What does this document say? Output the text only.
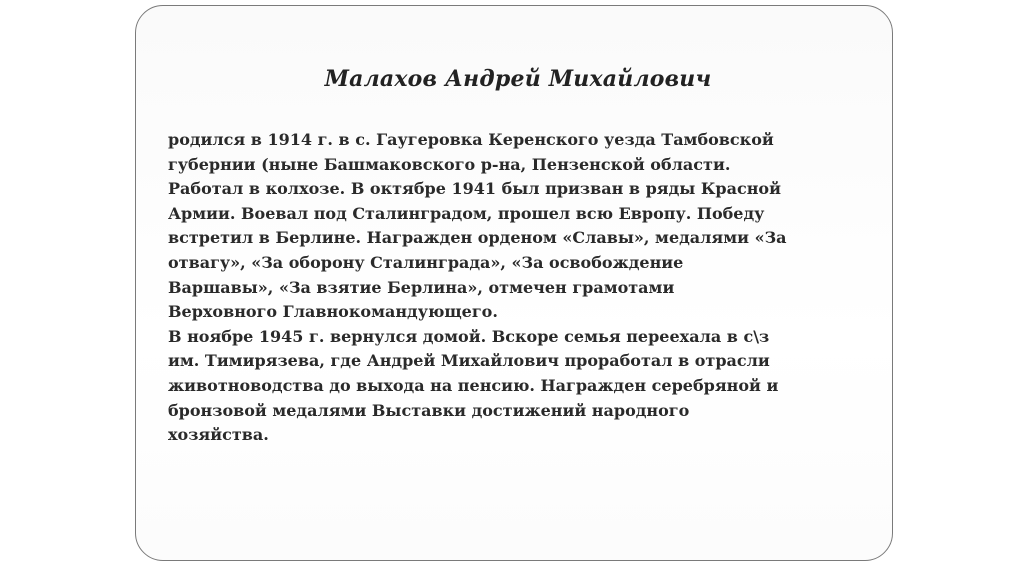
Малахов Андрей Михайлович
родился в 1914 г. в с. Гаугеровка Керенского уезда Тамбовской
губернии (ныне Башмаковского р-на, Пензенской области.
Работал в колхозе. В октябре 1941 был призван в ряды Красной
Армии. Воевал под Сталинградом, прошел всю Европу. Победу
встретил в Берлине. Награжден орденом «Славы», медалями «За
отвагу», «За оборону Сталинграда», «За освобождение
Варшавы», «За взятие Берлина», отмечен грамотами
Верховного Главнокомандующего.
В ноябре 1945 г. вернулся домой. Вскоре семья переехала в с\з
им. Тимирязева, где Андрей Михайлович проработал в отрасли
животноводства до выхода на пенсию. Награжден серебряной и
бронзовой медалями Выставки достижений народного
хозяйства.
